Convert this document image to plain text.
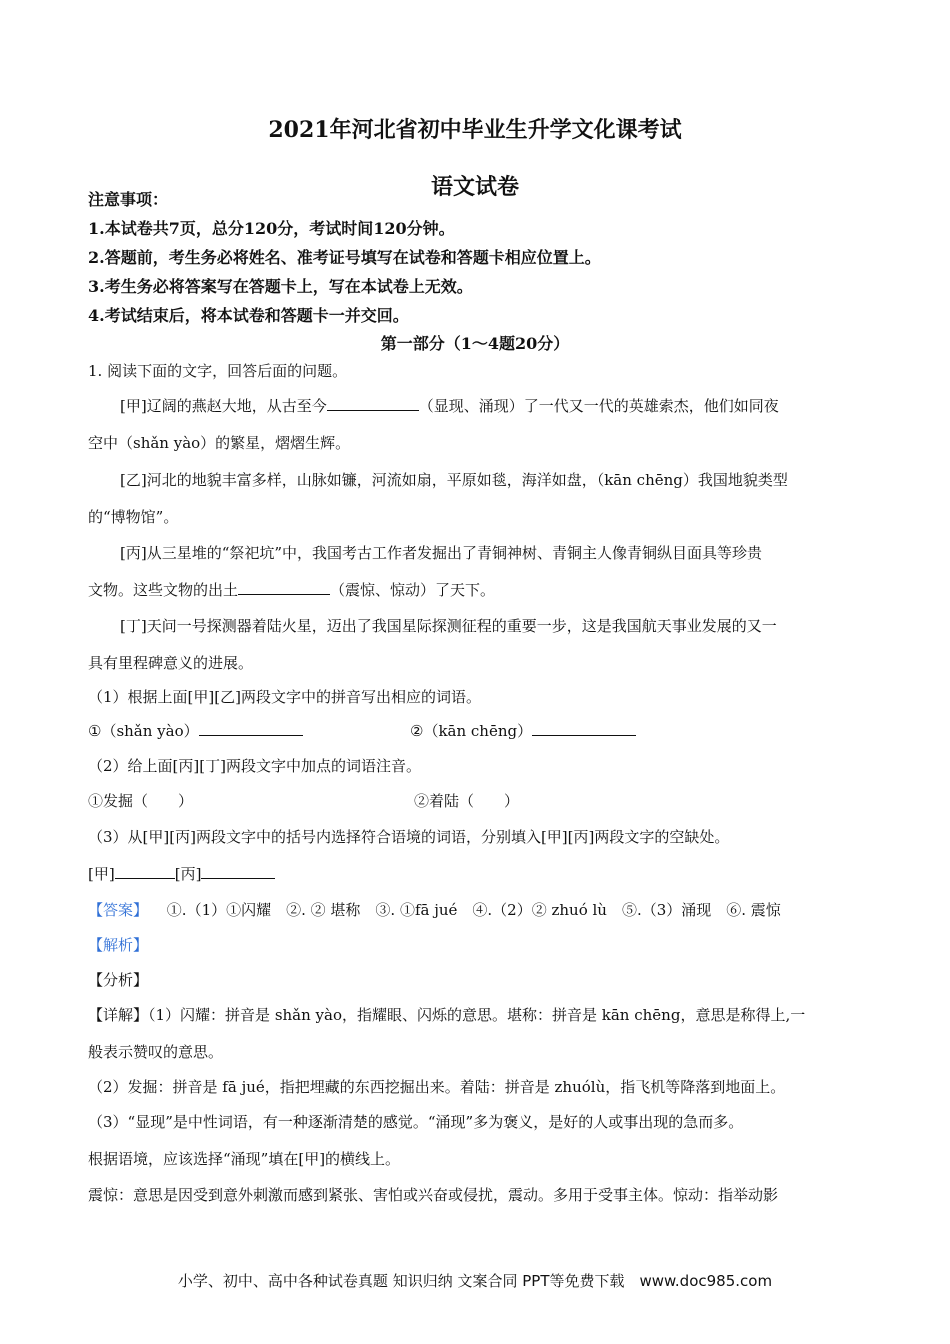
2021年河北省初中毕业生升学文化课考试
语文试卷
注意事项：
1.本试卷共7页，总分120分，考试时间120分钟。
2.答题前，考生务必将姓名、准考证号填写在试卷和答题卡相应位置上。
3.考生务必将答案写在答题卡上，写在本试卷上无效。
4.考试结束后，将本试卷和答题卡一并交回。
第一部分（1～4题20分）
1. 阅读下面的文字，回答后面的问题。
[甲]辽阔的燕赵大地，从古至今	（显现、涌现）了一代又一代的英雄索杰，他们如同夜
空中（shǎn yào）的繁星，熠熠生辉。
[乙]河北的地貌丰富多样，山脉如镰，河流如扇，平原如毯，海洋如盘，（kān chēng）我国地貌类型
的“博物馆”。
[丙]从三星堆的“祭祀坑”中，我国考古工作者发掘出了青铜神树、青铜主人像青铜纵目面具等珍贵
文物。这些文物的出土	（震惊、惊动）了天下。
[丁]天问一号探测器着陆火星，迈出了我国星际探测征程的重要一步，这是我国航天事业发展的又一
具有里程碑意义的进展。
（1）根据上面[甲][乙]两段文字中的拼音写出相应的词语。
①（shǎn yào）	②（kān chēng）
（2）给上面[丙][丁]两段文字中加点的词语注音。
①发掘（　　）	②着陆（　　）
（3）从[甲][丙]两段文字中的括号内选择符合语境的词语，分别填入[甲][丙]两段文字的空缺处。
[甲]	[丙]
【答案】 ①.（1）①闪耀　②. ② 堪称　③. ①fā jué　④.（2）② zhuó lù　⑤.（3）涌现　⑥. 震惊
【解析】
【分析】
【详解】（1）闪耀：拼音是 shǎn yào，指耀眼、闪烁的意思。堪称：拼音是 kān chēng，意思是称得上,一
般表示赞叹的意思。
（2）发掘：拼音是 fā jué，指把埋藏的东西挖掘出来。着陆：拼音是 zhuólù，指飞机等降落到地面上。
（3）“显现”是中性词语，有一种逐渐清楚的感觉。“涌现”多为褒义，是好的人或事出现的急而多。
根据语境，应该选择“涌现”填在[甲]的横线上。
震惊：意思是因受到意外刺激而感到紧张、害怕或兴奋或侵扰，震动。多用于受事主体。惊动：指举动影
小学、初中、高中各种试卷真题 知识归纳 文案合同 PPT等免费下载　www.doc985.com
